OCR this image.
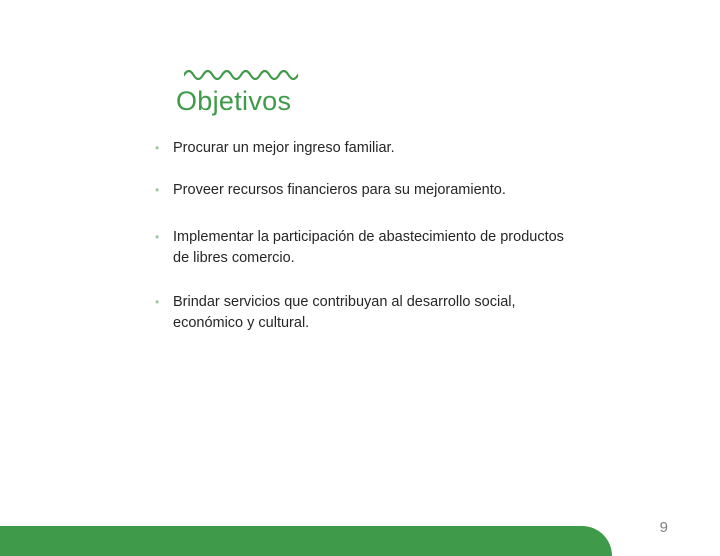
Objetivos
• Procurar un mejor ingreso familiar.
• Proveer recursos financieros para su mejoramiento.
• Implementar la participación de abastecimiento de productos de libres comercio.
• Brindar servicios que contribuyan al desarrollo social, económico y cultural.
9
